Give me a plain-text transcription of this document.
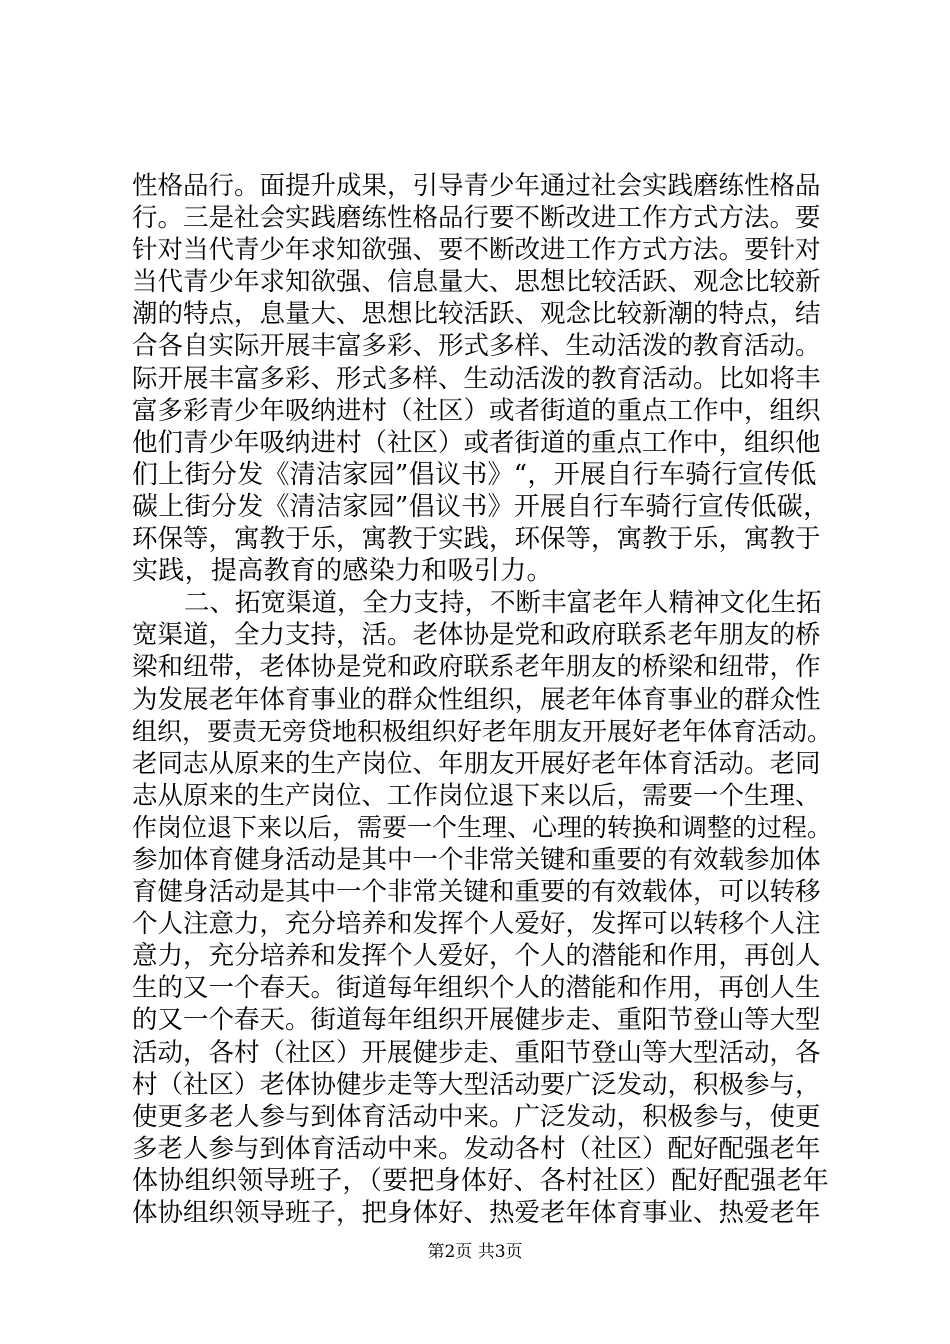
性格品行。面提升成果，引导青少年通过社会实践磨练性格品
行。三是社会实践磨练性格品行要不断改进工作方式方法。要
针对当代青少年求知欲强、要不断改进工作方式方法。要针对
当代青少年求知欲强、信息量大、思想比较活跃、观念比较新
潮的特点，息量大、思想比较活跃、观念比较新潮的特点，结
合各自实际开展丰富多彩、形式多样、生动活泼的教育活动。
际开展丰富多彩、形式多样、生动活泼的教育活动。比如将丰
富多彩青少年吸纳进村（社区）或者街道的重点工作中，组织
他们青少年吸纳进村（社区）或者街道的重点工作中，组织他
们上街分发《清洁家园”倡议书》“，开展自行车骑行宣传低
碳上街分发《清洁家园”倡议书》开展自行车骑行宣传低碳，
环保等，寓教于乐，寓教于实践，环保等，寓教于乐，寓教于
实践，提高教育的感染力和吸引力。
二、拓宽渠道，全力支持，不断丰富老年人精神文化生拓
宽渠道，全力支持，活。老体协是党和政府联系老年朋友的桥
梁和纽带，老体协是党和政府联系老年朋友的桥梁和纽带，作
为发展老年体育事业的群众性组织，展老年体育事业的群众性
组织，要责无旁贷地积极组织好老年朋友开展好老年体育活动。
老同志从原来的生产岗位、年朋友开展好老年体育活动。老同
志从原来的生产岗位、工作岗位退下来以后，需要一个生理、
作岗位退下来以后，需要一个生理、心理的转换和调整的过程。
参加体育健身活动是其中一个非常关键和重要的有效载参加体
育健身活动是其中一个非常关键和重要的有效载体，可以转移
个人注意力，充分培养和发挥个人爱好，发挥可以转移个人注
意力，充分培养和发挥个人爱好，个人的潜能和作用，再创人
生的又一个春天。街道每年组织个人的潜能和作用，再创人生
的又一个春天。街道每年组织开展健步走、重阳节登山等大型
活动，各村（社区）开展健步走、重阳节登山等大型活动，各
村（社区）老体协健步走等大型活动要广泛发动，积极参与，
使更多老人参与到体育活动中来。广泛发动，积极参与，使更
多老人参与到体育活动中来。发动各村（社区）配好配强老年
体协组织领导班子，（要把身体好、各村社区）配好配强老年
体协组织领导班子，把身体好、热爱老年体育事业、热爱老年
第2页 共3页
